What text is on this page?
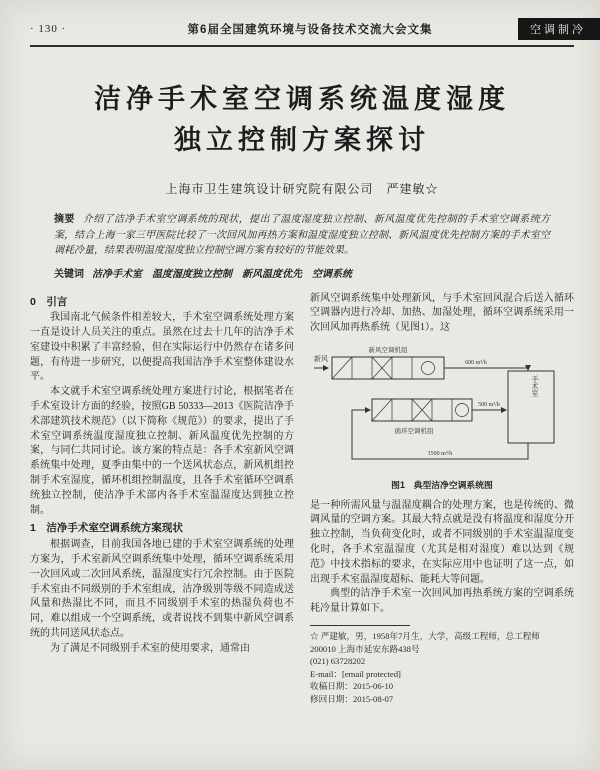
· 130 ·	第6届全国建筑环境与设备技术交流大会文集	空调制冷
洁净手术室空调系统温度湿度
独立控制方案探讨
上海市卫生建筑设计研究院有限公司　严建敏☆
摘要 介绍了洁净手术室空调系统的现状，提出了温度湿度独立控制、新风温度优先控制的手术室空调系统方案，结合上海一家三甲医院比较了一次回风加再热方案和温度湿度独立控制、新风温度优先控制方案的手术室空调耗冷量，结果表明温度湿度独立控制空调方案有较好的节能效果。
关键词 洁净手术室　温度湿度独立控制　新风温度优先　空调系统
0　引言

我国南北气候条件相差较大，手术室空调系统处理方案一直是设计人员关注的重点。虽然在过去十几年的洁净手术室建设中积累了丰富经验，但在实际运行中仍然存在诸多问题，有待进一步研究，以便提高我国洁净手术室整体建设水平。

本文就手术室空调系统处理方案进行讨论，根据笔者在手术室设计方面的经验，按照GB 50333—2013《医院洁净手术部建筑技术规范》（以下简称《规范》）的要求，提出了手术室空调系统温度湿度独立控制、新风温度优先控制的方案，与同仁共同讨论。该方案的特点是：各手术室新风空调系统集中处理，夏季由集中的一个送风状态点，新风机组控制手术室湿度，循环机组控制温度，且各手术室循环空调系统独立控制，使洁净手术部内各手术室温湿度达到独立控制。

1　洁净手术室空调系统方案现状

根据调查，目前我国各地已建的手术室空调系统的处理方案为，手术室新风空调系统集中处理，循环空调系统采用一次回风或二次回风系统，温湿度实行冗余控制。由于医院手术室由不同级别的手术室组成，洁净级别等级不同造成送风量和热湿比不同，而且不同级别手术室的热湿负荷也不同，难以组成一个空调系统，或者说找不到集中新风空调系统的共同送风状态点。

为了满足不同级别手术室的使用要求，通常由

新风空调系统集中处理新风，与手术室回风混合后送入循环空调器内进行冷却、加热、加湿处理，循环空调系统采用一次回风加再热系统（见图1）。这

新风
新风空调机组
600 m³/h
循环空调机组
500 m³/h
手术室
1500 m³/h
图1　典型洁净空调系统图

是一种所需风量与温湿度耦合的处理方案，也是传统的、微调风量的空调方案。其最大特点就是没有将温度和湿度分开独立控制，当负荷变化时，或者不同级别的手术室温湿度变化时，各手术室温湿度（尤其是相对湿度）难以达到《规范》中技术指标的要求，在实际应用中也证明了这一点，如出现手术室温湿度超标、能耗大等问题。

典型的洁净手术室一次回风加再热系统方案的空调系统耗冷量计算如下。

☆ 严建敏，男，1958年7月生，大学，高级工程师，总工程师
200010 上海市延安东路438号
(021) 63728202
E-mail：[email protected]
收稿日期：2015-06-10
修回日期：2015-08-07
